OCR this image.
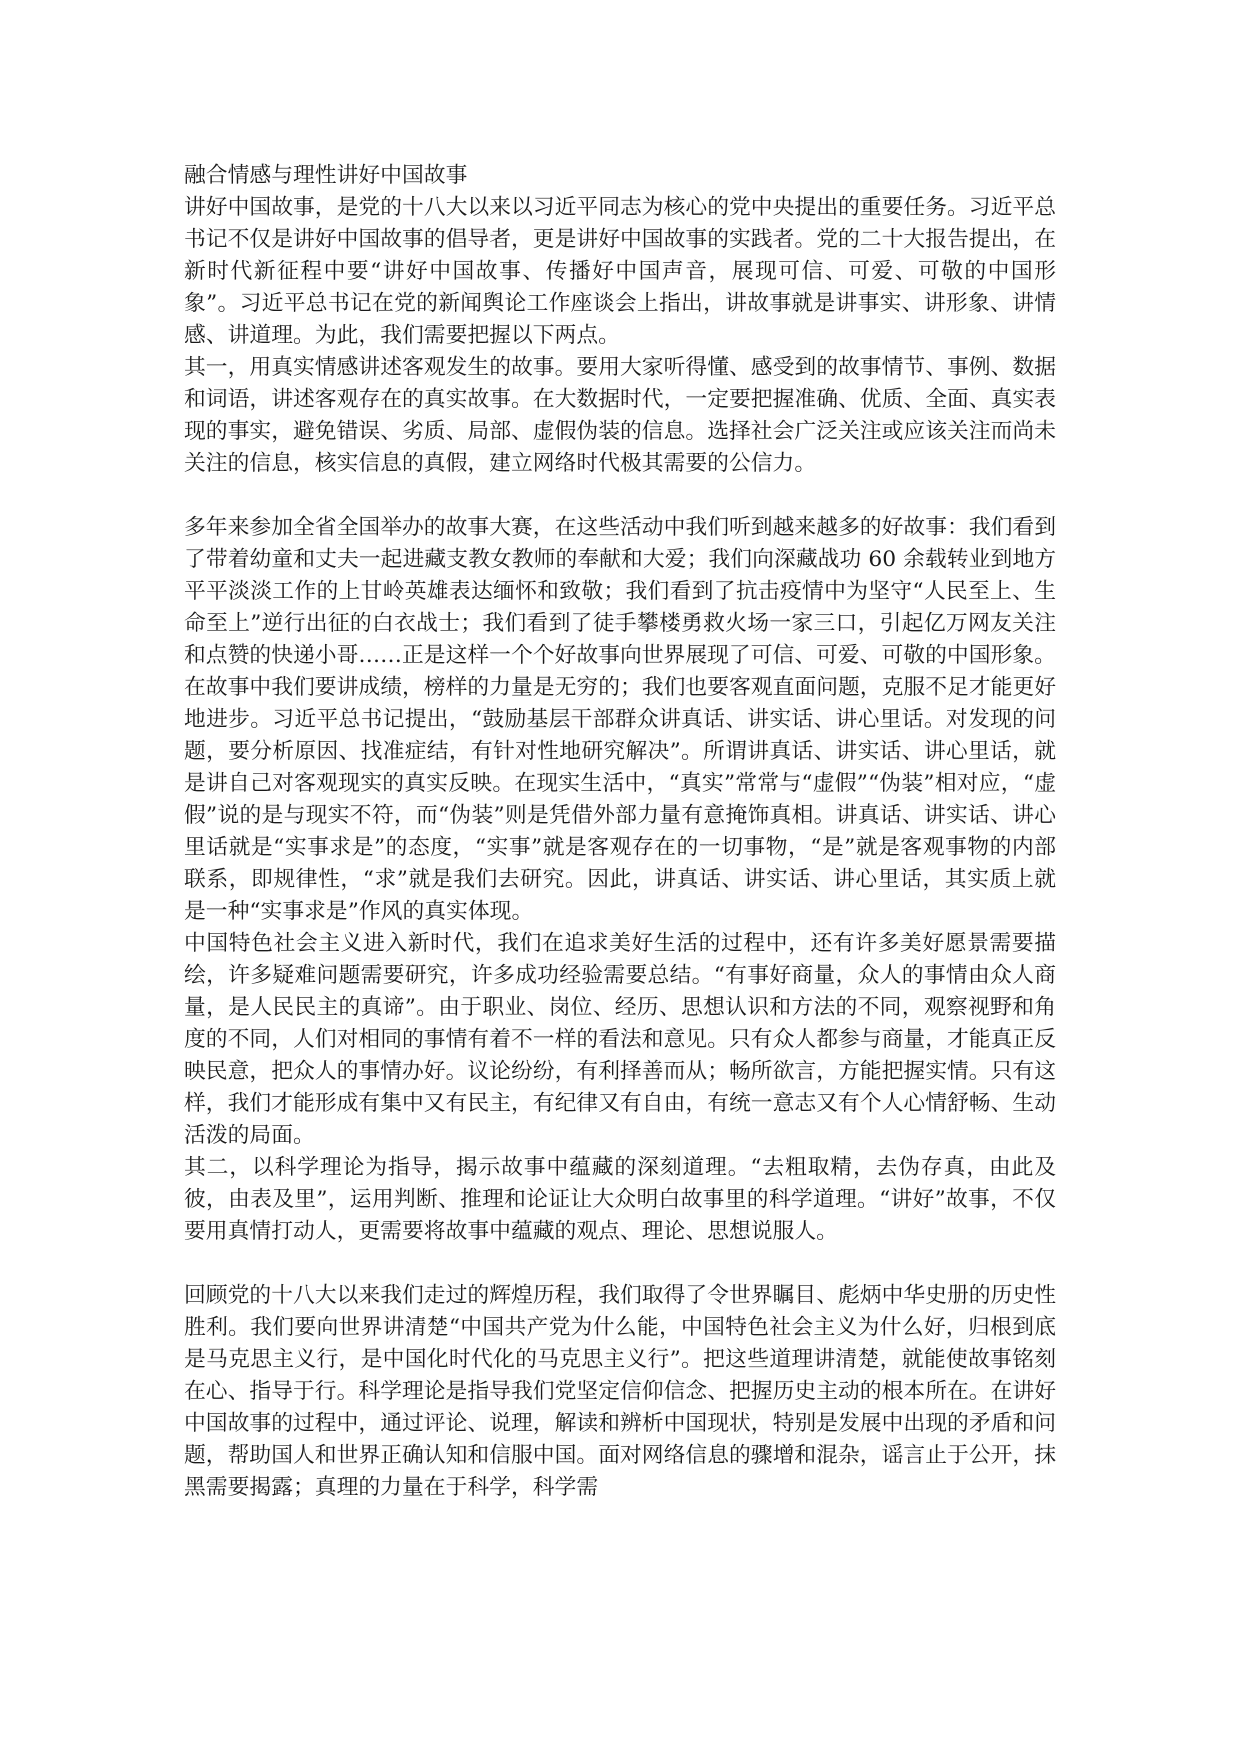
融合情感与理性讲好中国故事

讲好中国故事，是党的十八大以来以习近平同志为核心的党中央提出的重要任务。习近平总书记不仅是讲好中国故事的倡导者，更是讲好中国故事的实践者。党的二十大报告提出，在新时代新征程中要“讲好中国故事、传播好中国声音，展现可信、可爱、可敬的中国形象”。习近平总书记在党的新闻舆论工作座谈会上指出，讲故事就是讲事实、讲形象、讲情感、讲道理。为此，我们需要把握以下两点。

其一，用真实情感讲述客观发生的故事。要用大家听得懂、感受到的故事情节、事例、数据和词语，讲述客观存在的真实故事。在大数据时代，一定要把握准确、优质、全面、真实表现的事实，避免错误、劣质、局部、虚假伪装的信息。选择社会广泛关注或应该关注而尚未关注的信息，核实信息的真假，建立网络时代极其需要的公信力。

多年来参加全省全国举办的故事大赛，在这些活动中我们听到越来越多的好故事：我们看到了带着幼童和丈夫一起进藏支教女教师的奉献和大爱；我们向深藏战功 60 余载转业到地方平平淡淡工作的上甘岭英雄表达缅怀和致敬；我们看到了抗击疫情中为坚守“人民至上、生命至上”逆行出征的白衣战士；我们看到了徒手攀楼勇救火场一家三口，引起亿万网友关注和点赞的快递小哥……正是这样一个个好故事向世界展现了可信、可爱、可敬的中国形象。

在故事中我们要讲成绩，榜样的力量是无穷的；我们也要客观直面问题，克服不足才能更好地进步。习近平总书记提出，“鼓励基层干部群众讲真话、讲实话、讲心里话。对发现的问题，要分析原因、找准症结，有针对性地研究解决”。所谓讲真话、讲实话、讲心里话，就是讲自己对客观现实的真实反映。在现实生活中，“真实”常常与“虚假”“伪装”相对应，“虚假”说的是与现实不符，而“伪装”则是凭借外部力量有意掩饰真相。讲真话、讲实话、讲心里话就是“实事求是”的态度，“实事”就是客观存在的一切事物，“是”就是客观事物的内部联系，即规律性，“求”就是我们去研究。因此，讲真话、讲实话、讲心里话，其实质上就是一种“实事求是”作风的真实体现。

中国特色社会主义进入新时代，我们在追求美好生活的过程中，还有许多美好愿景需要描绘，许多疑难问题需要研究，许多成功经验需要总结。“有事好商量，众人的事情由众人商量，是人民民主的真谛”。由于职业、岗位、经历、思想认识和方法的不同，观察视野和角度的不同，人们对相同的事情有着不一样的看法和意见。只有众人都参与商量，才能真正反映民意，把众人的事情办好。议论纷纷，有利择善而从；畅所欲言，方能把握实情。只有这样，我们才能形成有集中又有民主，有纪律又有自由，有统一意志又有个人心情舒畅、生动活泼的局面。

其二，以科学理论为指导，揭示故事中蕴藏的深刻道理。“去粗取精，去伪存真，由此及彼，由表及里”，运用判断、推理和论证让大众明白故事里的科学道理。“讲好”故事，不仅要用真情打动人，更需要将故事中蕴藏的观点、理论、思想说服人。

回顾党的十八大以来我们走过的辉煌历程，我们取得了令世界瞩目、彪炳中华史册的历史性胜利。我们要向世界讲清楚“中国共产党为什么能，中国特色社会主义为什么好，归根到底是马克思主义行，是中国化时代化的马克思主义行”。把这些道理讲清楚，就能使故事铭刻在心、指导于行。科学理论是指导我们党坚定信仰信念、把握历史主动的根本所在。在讲好中国故事的过程中，通过评论、说理，解读和辨析中国现状，特别是发展中出现的矛盾和问题，帮助国人和世界正确认知和信服中国。面对网络信息的骤增和混杂，谣言止于公开，抹黑需要揭露；真理的力量在于科学，科学需
